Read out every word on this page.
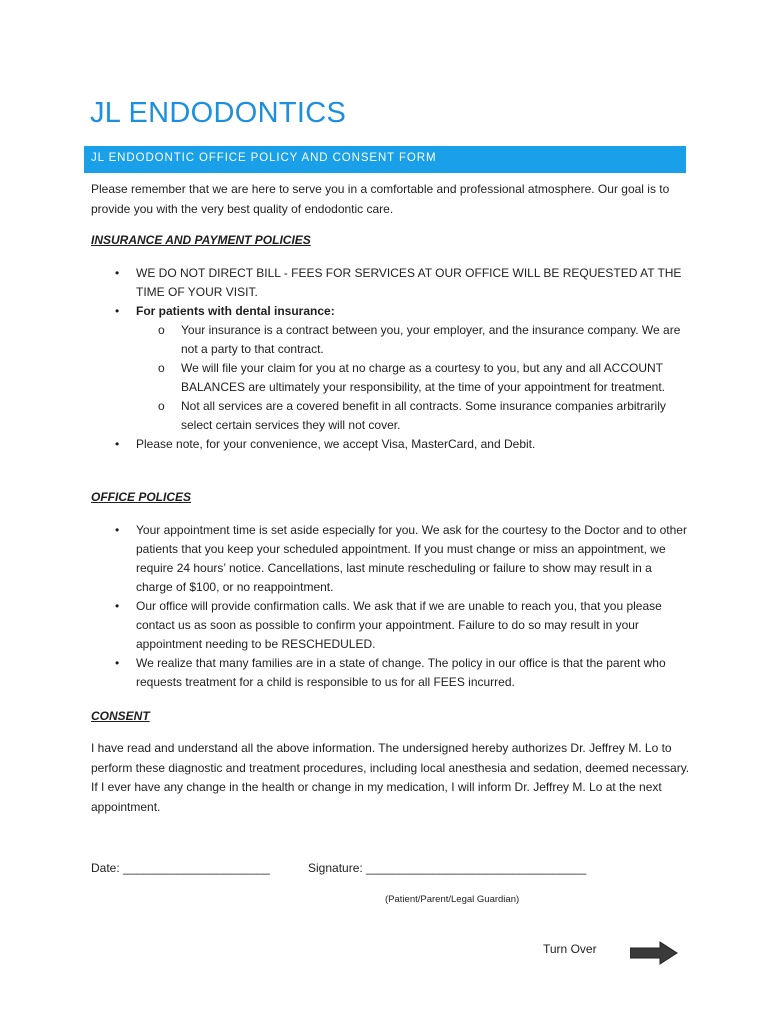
JL ENDODONTICS
JL ENDODONTIC OFFICE POLICY AND CONSENT FORM

Please remember that we are here to serve you in a comfortable and professional atmosphere. Our goal is to provide you with the very best quality of endodontic care.

INSURANCE AND PAYMENT POLICIES

• WE DO NOT DIRECT BILL - FEES FOR SERVICES AT OUR OFFICE WILL BE REQUESTED AT THE TIME OF YOUR VISIT.
• For patients with dental insurance:
o Your insurance is a contract between you, your employer, and the insurance company. We are not a party to that contract.
o We will file your claim for you at no charge as a courtesy to you, but any and all ACCOUNT BALANCES are ultimately your responsibility, at the time of your appointment for treatment.
o Not all services are a covered benefit in all contracts. Some insurance companies arbitrarily select certain services they will not cover.
• Please note, for your convenience, we accept Visa, MasterCard, and Debit.

OFFICE POLICES

• Your appointment time is set aside especially for you. We ask for the courtesy to the Doctor and to other patients that you keep your scheduled appointment. If you must change or miss an appointment, we require 24 hours’ notice. Cancellations, last minute rescheduling or failure to show may result in a charge of $100, or no reappointment.
• Our office will provide confirmation calls. We ask that if we are unable to reach you, that you please contact us as soon as possible to confirm your appointment. Failure to do so may result in your appointment needing to be RESCHEDULED.
• We realize that many families are in a state of change. The policy in our office is that the parent who requests treatment for a child is responsible to us for all FEES incurred.

CONSENT

I have read and understand all the above information. The undersigned hereby authorizes Dr. Jeffrey M. Lo to perform these diagnostic and treatment procedures, including local anesthesia and sedation, deemed necessary. If I ever have any change in the health or change in my medication, I will inform Dr. Jeffrey M. Lo at the next appointment.

Date: ______________________	Signature: _________________________________
(Patient/Parent/Legal Guardian)
Turn Over
